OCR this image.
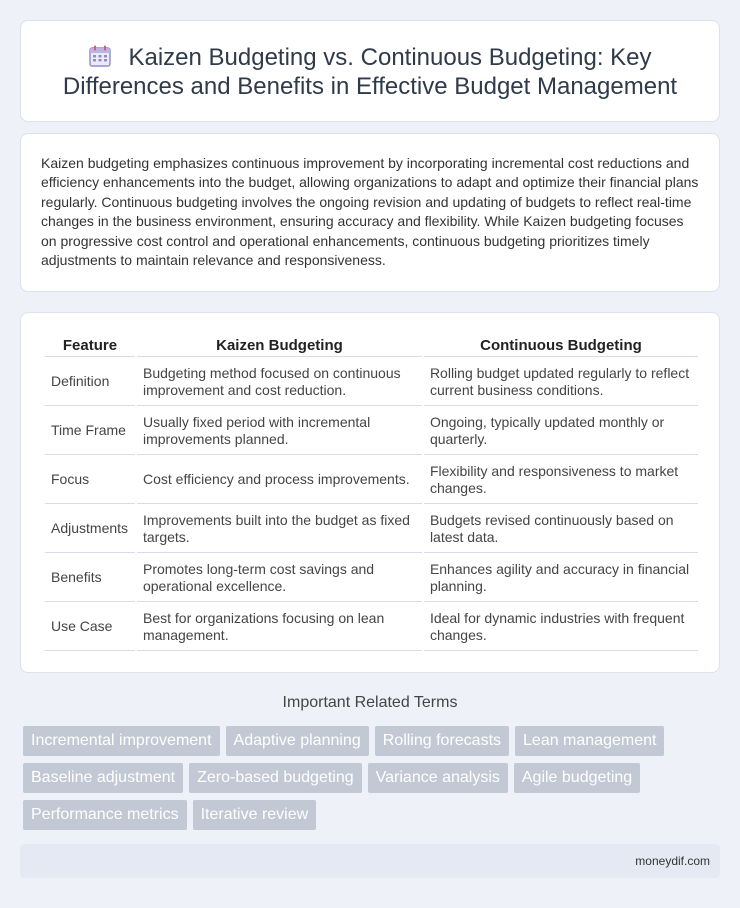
Kaizen Budgeting vs. Continuous Budgeting: Key Differences and Benefits in Effective Budget Management

Kaizen budgeting emphasizes continuous improvement by incorporating incremental cost reductions and efficiency enhancements into the budget, allowing organizations to adapt and optimize their financial plans regularly. Continuous budgeting involves the ongoing revision and updating of budgets to reflect real-time changes in the business environment, ensuring accuracy and flexibility. While Kaizen budgeting focuses on progressive cost control and operational enhancements, continuous budgeting prioritizes timely adjustments to maintain relevance and responsiveness.

Feature	Kaizen Budgeting	Continuous Budgeting
Definition	Budgeting method focused on continuous improvement and cost reduction.	Rolling budget updated regularly to reflect current business conditions.
Time Frame	Usually fixed period with incremental improvements planned.	Ongoing, typically updated monthly or quarterly.
Focus	Cost efficiency and process improvements.	Flexibility and responsiveness to market changes.
Adjustments	Improvements built into the budget as fixed targets.	Budgets revised continuously based on latest data.
Benefits	Promotes long-term cost savings and operational excellence.	Enhances agility and accuracy in financial planning.
Use Case	Best for organizations focusing on lean management.	Ideal for dynamic industries with frequent changes.
Important Related Terms
Incremental improvement	Adaptive planning	Rolling forecasts	Lean management
Baseline adjustment	Zero-based budgeting	Variance analysis	Agile budgeting
Performance metrics	Iterative review
moneydif.com
